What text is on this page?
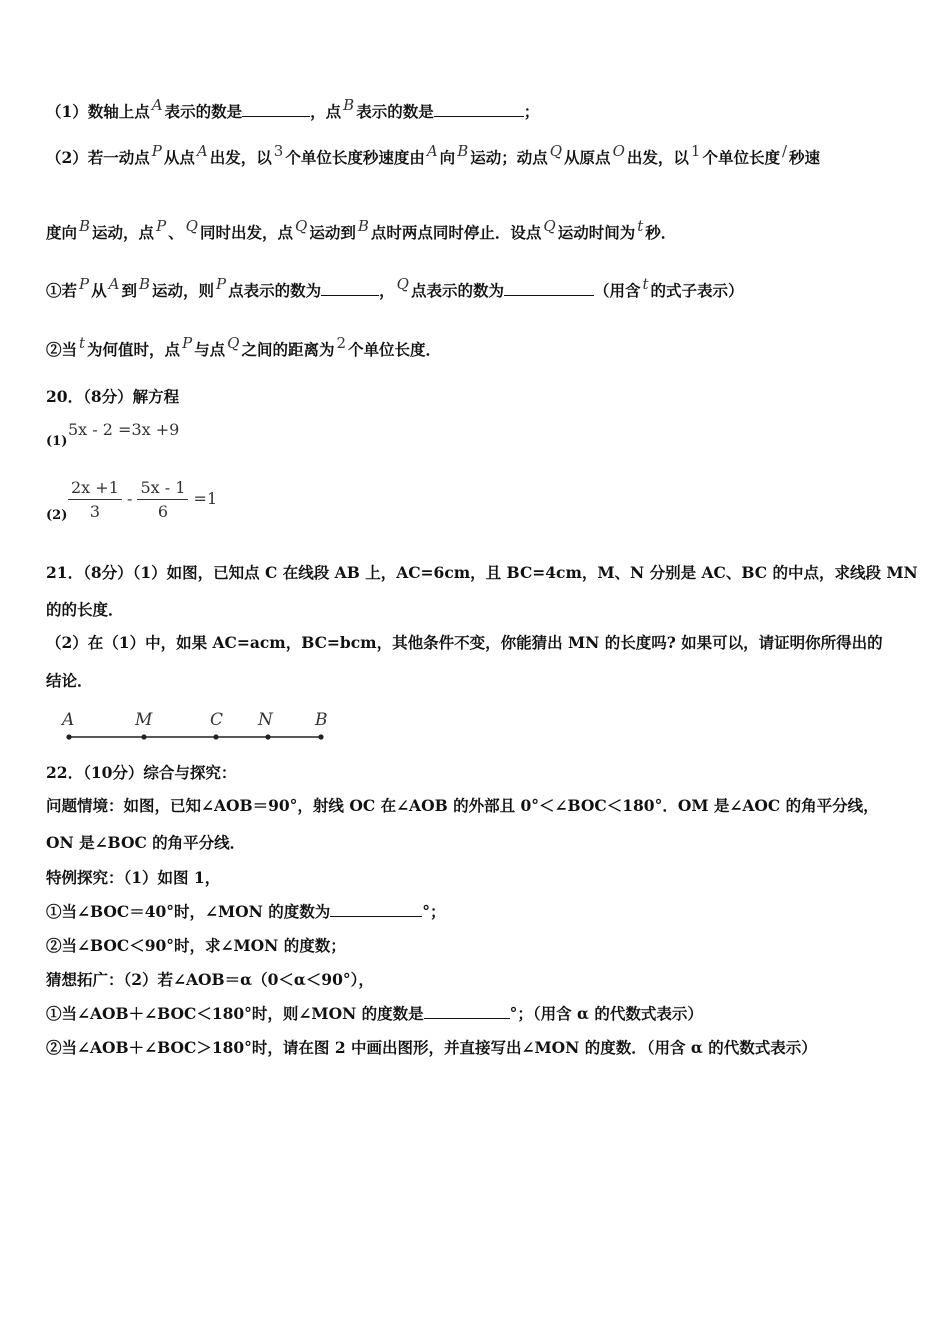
（1）数轴上点 A 表示的数是	，点 B 表示的数是	；
（2）若一动点 P 从点 A 出发，以 3 个单位长度秒速度由 A 向 B 运动；动点 Q 从原点 O 出发，以 1 个单位长度 / 秒速
度向 B 运动，点 P 、 Q 同时出发，点 Q 运动到 B 点时两点同时停止．设点 Q 运动时间为 t 秒．
①若 P 从 A 到 B 运动，则 P 点表示的数为	， Q 点表示的数为	（用含 t 的式子表示）
②当 t 为何值时，点 P 与点 Q 之间的距离为 2 个单位长度．
20．（8分）解方程
(1)
5x - 2 =3x +9
$(2) \frac{2x +1}{3} - \frac{5x - 1}{6} =1$
21．（8分）（1）如图，已知点 C 在线段 AB 上，AC=6cm，且 BC=4cm，M、N 分别是 AC、BC 的中点，求线段 MN
的的长度．
（2）在（1）中，如果 AC=acm，BC=bcm，其他条件不变，你能猜出 MN 的长度吗? 如果可以，请证明你所得出的
结论．
A	M	C N B
22．（10分）综合与探究：
问题情境：如图，已知∠AOB＝90°，射线 OC 在∠AOB 的外部且 0°＜∠BOC＜180°．OM 是∠AOC 的角平分线，
ON 是∠BOC 的角平分线．
特例探究：（1）如图 1，
①当∠BOC＝40°时，∠MON 的度数为	°；
②当∠BOC＜90°时，求∠MON 的度数；
猜想拓广：（2）若∠AOB＝α（0＜α＜90°），
①当∠AOB＋∠BOC＜180°时，则∠MON 的度数是	°；（用含 α 的代数式表示）
②当∠AOB＋∠BOC＞180°时，请在图 2 中画出图形，并直接写出∠MON 的度数．（用含 α 的代数式表示）
